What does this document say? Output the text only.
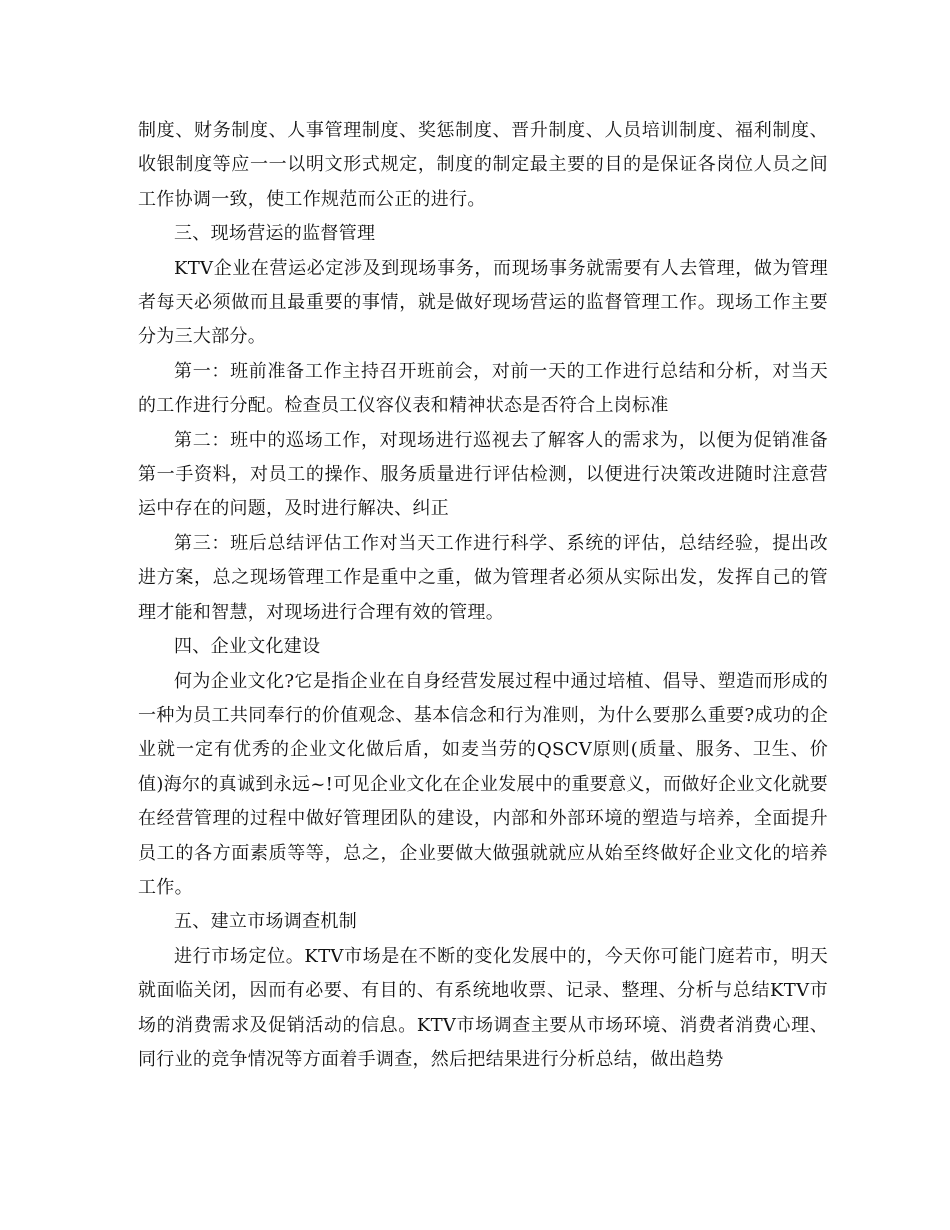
制度、财务制度、人事管理制度、奖惩制度、晋升制度、人员培训制度、福利制度、收银制度等应一一以明文形式规定，制度的制定最主要的目的是保证各岗位人员之间工作协调一致，使工作规范而公正的进行。

三、现场营运的监督管理

KTV企业在营运必定涉及到现场事务，而现场事务就需要有人去管理，做为管理者每天必须做而且最重要的事情，就是做好现场营运的监督管理工作。现场工作主要分为三大部分。

第一：班前准备工作主持召开班前会，对前一天的工作进行总结和分析，对当天的工作进行分配。检查员工仪容仪表和精神状态是否符合上岗标准

第二：班中的巡场工作，对现场进行巡视去了解客人的需求为，以便为促销准备第一手资料，对员工的操作、服务质量进行评估检测，以便进行决策改进随时注意营运中存在的问题，及时进行解决、纠正

第三：班后总结评估工作对当天工作进行科学、系统的评估，总结经验，提出改进方案，总之现场管理工作是重中之重，做为管理者必须从实际出发，发挥自己的管理才能和智慧，对现场进行合理有效的管理。

四、企业文化建设

何为企业文化?它是指企业在自身经营发展过程中通过培植、倡导、塑造而形成的一种为员工共同奉行的价值观念、基本信念和行为准则，为什么要那么重要?成功的企业就一定有优秀的企业文化做后盾，如麦当劳的QSCV原则(质量、服务、卫生、价值)海尔的真诚到永远~!可见企业文化在企业发展中的重要意义，而做好企业文化就要在经营管理的过程中做好管理团队的建设，内部和外部环境的塑造与培养，全面提升员工的各方面素质等等，总之，企业要做大做强就就应从始至终做好企业文化的培养工作。

五、建立市场调查机制

进行市场定位。KTV市场是在不断的变化发展中的，今天你可能门庭若市，明天就面临关闭，因而有必要、有目的、有系统地收票、记录、整理、分析与总结KTV市场的消费需求及促销活动的信息。KTV市场调查主要从市场环境、消费者消费心理、同行业的竞争情况等方面着手调查，然后把结果进行分析总结，做出趋势
